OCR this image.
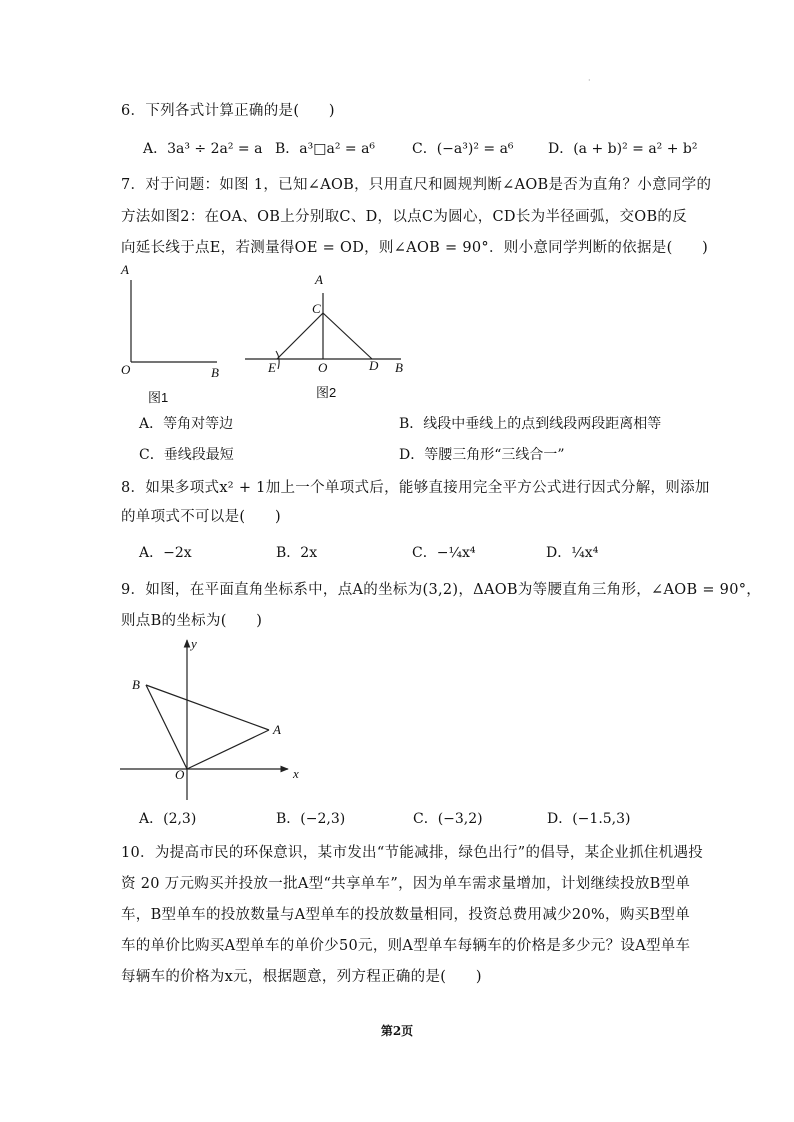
·
6．下列各式计算正确的是(　　)
A．3a³ ÷ 2a² = a B．a³□a² = a⁶	C．(−a³)² = a⁶ D．(a + b)² = a² + b²
7．对于问题：如图 1，已知∠AOB，只用直尺和圆规判断∠AOB是否为直角？小意同学的
方法如图2：在OA、OB上分别取C、D，以点C为圆心，CD长为半径画弧，交OB的反
向延长线于点E，若测量得OE = OD，则∠AOB = 90°．则小意同学判断的依据是(　　)
A
O	B
图1
A
C
E	O	D B
图2
A．等角对等边	B．线段中垂线上的点到线段两段距离相等
C．垂线段最短	D．等腰三角形“三线合一”
8．如果多项式x² + 1加上一个单项式后，能够直接用完全平方公式进行因式分解，则添加
的单项式不可以是(　　)
A．−2x	B．2x	C．−¼x⁴	D．¼x⁴
9．如图，在平面直角坐标系中，点A的坐标为(3,2)，ΔAOB为等腰直角三角形，∠AOB = 90°，
则点B的坐标为(　　)
y
x
B
A
O
A．(2,3)	B．(−2,3)	C．(−3,2)	D．(−1.5,3)
10．为提高市民的环保意识，某市发出“节能减排，绿色出行”的倡导，某企业抓住机遇投
资 20 万元购买并投放一批A型“共享单车”，因为单车需求量增加，计划继续投放B型单
车，B型单车的投放数量与A型单车的投放数量相同，投资总费用减少20%，购买B型单
车的单价比购买A型单车的单价少50元，则A型单车每辆车的价格是多少元？设A型单车
每辆车的价格为x元，根据题意，列方程正确的是(　　)
第2页
